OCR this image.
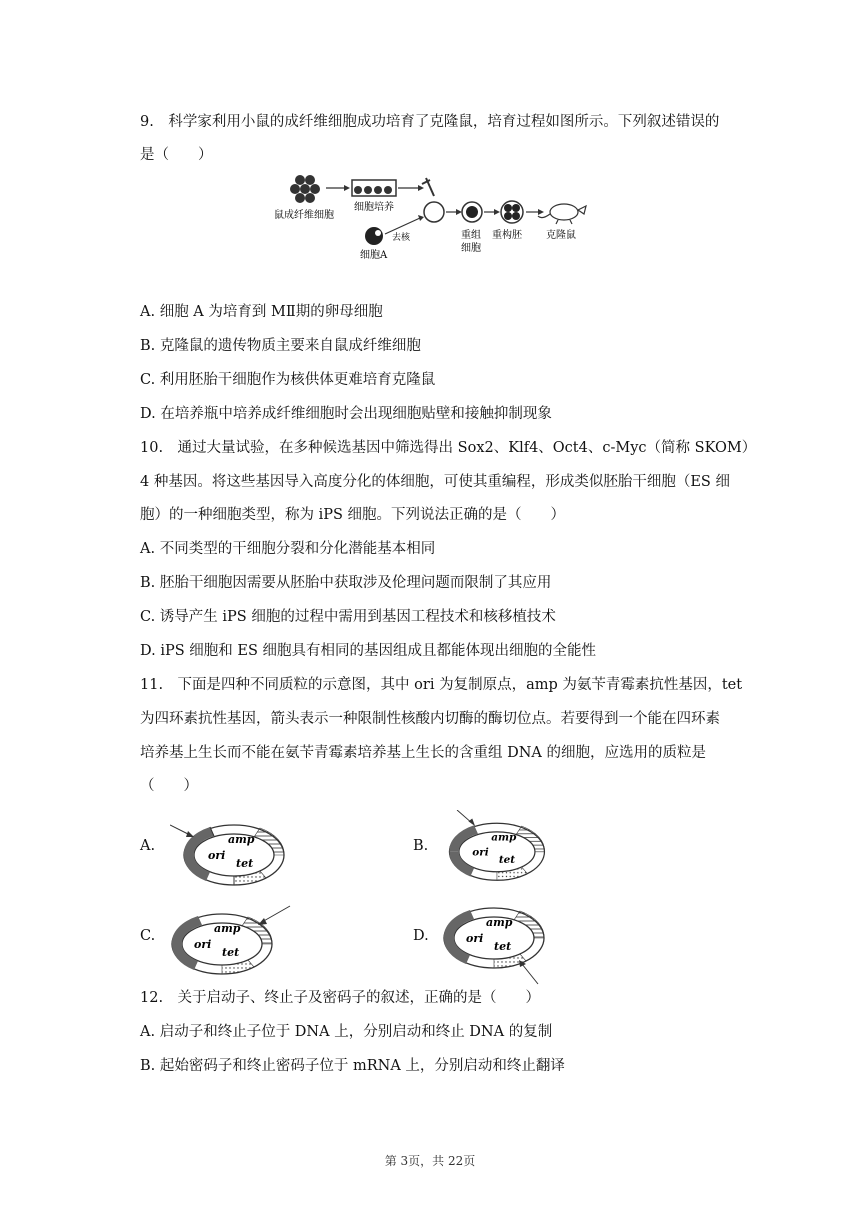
9.　科学家利用小鼠的成纤维细胞成功培育了克隆鼠，培育过程如图所示。下列叙述错误的
是（　　）
鼠成纤维细胞
细胞培养
细胞A
去核	重组
细胞
重构胚 克隆鼠
A. 细胞 A 为培育到 MⅡ期的卵母细胞
B. 克隆鼠的遗传物质主要来自鼠成纤维细胞
C. 利用胚胎干细胞作为核供体更难培育克隆鼠
D. 在培养瓶中培养成纤维细胞时会出现细胞贴壁和接触抑制现象
10.　通过大量试验，在多种候选基因中筛选得出 Sox2、Klf4、Oct4、c-Myc（简称 SKOM）
4 种基因。将这些基因导入高度分化的体细胞，可使其重编程，形成类似胚胎干细胞（ES 细
胞）的一种细胞类型，称为 iPS 细胞。下列说法正确的是（　　）
A. 不同类型的干细胞分裂和分化潜能基本相同
B. 胚胎干细胞因需要从胚胎中获取涉及伦理问题而限制了其应用
C. 诱导产生 iPS 细胞的过程中需用到基因工程技术和核移植技术
D. iPS 细胞和 ES 细胞具有相同的基因组成且都能体现出细胞的全能性
11.　下面是四种不同质粒的示意图，其中 ori 为复制原点，amp 为氨苄青霉素抗性基因，tet
为四环素抗性基因，箭头表示一种限制性核酸内切酶的酶切位点。若要得到一个能在四环素
培养基上生长而不能在氨苄青霉素培养基上生长的含重组 DNA 的细胞，应选用的质粒是
（　　）
A.	B.
C.	D.
amp
ori
tet
amp
ori
tet
amp
ori
tet
amp
ori
tet
12.　关于启动子、终止子及密码子的叙述，正确的是（　　）
A. 启动子和终止子位于 DNA 上，分别启动和终止 DNA 的复制
B. 起始密码子和终止密码子位于 mRNA 上，分别启动和终止翻译
第 3页，共 22页
